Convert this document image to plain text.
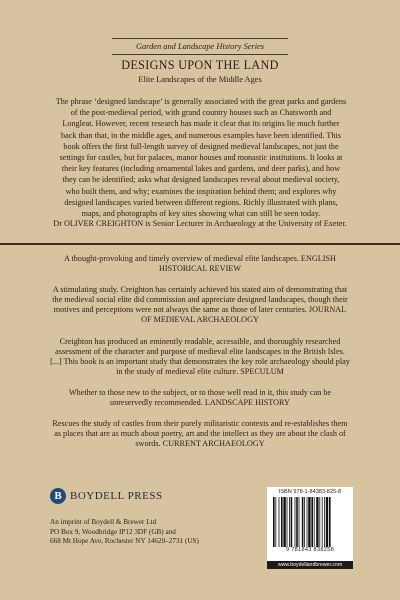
Garden and Landscape History Series
DESIGNS UPON THE LAND
Elite Landscapes of the Middle Ages
The phrase ‘designed landscape’ is generally associated with the great parks and gardens of the post-medieval period, with grand country houses such as Chatsworth and Longleat. However, recent research has made it clear that its origins lie much further back than that, in the middle ages, and numerous examples have been identified. This book offers the first full-length survey of designed medieval landscapes, not just the settings for castles, but for palaces, manor houses and monastic institutions. It looks at their key features (including ornamental lakes and gardens, and deer parks), and how they can be identified; asks what designed landscapes reveal about medieval society, who built them, and why; examines the inspiration behind them; and explores why designed landscapes varied between different regions. Richly illustrated with plans, maps, and photographs of key sites showing what can still be seen today.
Dr OLIVER CREIGHTON is Senior Lecturer in Archaeology at the University of Exeter.

A thought-provoking and timely overview of medieval elite landscapes. ENGLISH HISTORICAL REVIEW

A stimulating study. Creighton has certainly achieved his stated aim of demonstrating that the medieval social elite did commission and appreciate designed landscapes, though their motives and perceptions were not always the same as those of later centuries. JOURNAL OF MEDIEVAL ARCHAEOLOGY

Creighton has produced an eminently readable, accessible, and thoroughly researched assessment of the character and purpose of medieval elite landscapes in the British Isles. [...] This book is an important study that demonstrates the key role archaeology should play in the study of medieval elite culture. SPECULUM

Whether to those new to the subject, or to those well read in it, this study can be unreservedly recommended. LANDSCAPE HISTORY

Rescues the study of castles from their purely militaristic contexts and re-establishes them as places that are as much about poetry, art and the intellect as they are about the clash of swords. CURRENT ARCHAEOLOGY

B BOYDELL PRESS
An imprint of Boydell & Brewer Ltd
PO Box 9, Woodbridge IP12 3DF (GB) and
668 Mt Hope Ave, Rochester NY 14620–2731 (US)
ISBN 978-1-84383-825-8
9 781843 838258
www.boydellandbrewer.com
